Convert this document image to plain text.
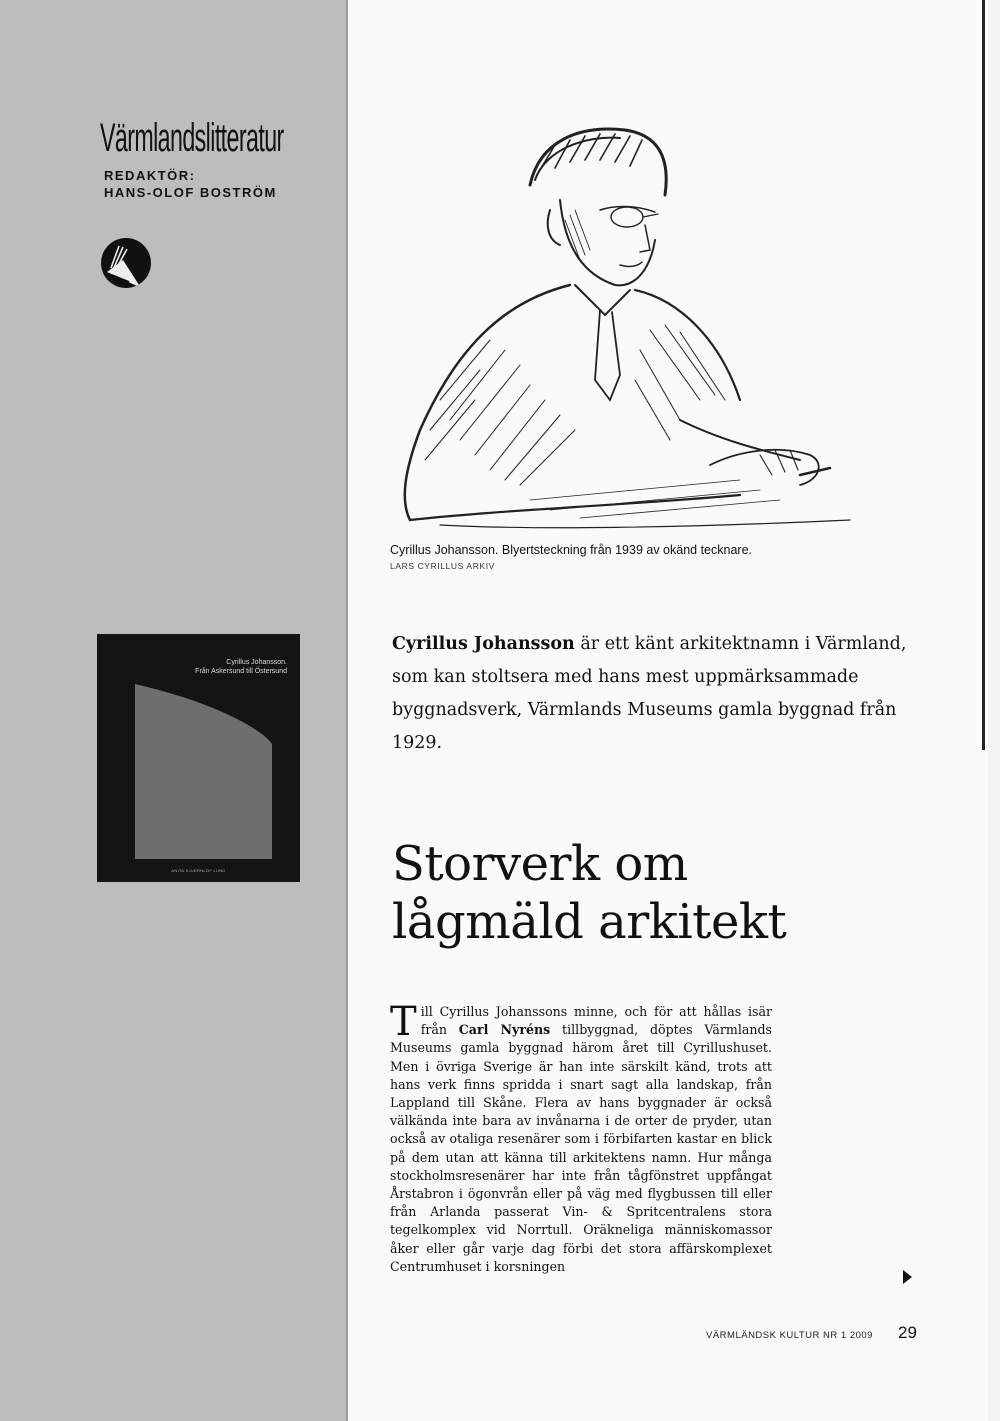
Värmlandslitteratur
REDAKTÖR:
HANS-OLOF BOSTRÖM
Cyrillus Johansson. Blyertsteckning från 1939 av okänd tecknare.
LARS CYRILLUS ARKIV
Cyrillus Johansson.
Från Askersund till Östersund
ANITA SJUERNLÖF LUND
Cyrillus Johansson är ett känt arkitektnamn i Värmland, som kan stoltsera med hans mest uppmärksammade byggnadsverk, Värmlands Museums gamla byggnad från 1929.
Storverk om
lågmäld arkitekt
Till Cyrillus Johanssons minne, och för att hållas isär från Carl Nyréns tillbyggnad, döptes Värmlands Museums gamla byggnad härom året till Cyrillushuset. Men i övriga Sverige är han inte särskilt känd, trots att hans verk finns spridda i snart sagt alla landskap, från Lappland till Skåne. Flera av hans byggnader är också välkända inte bara av invånarna i de orter de pryder, utan också av otaliga resenärer som i förbifarten kastar en blick på dem utan att känna till arkitektens namn. Hur många stockholmsresenärer har inte från tågfönstret uppfångat Årstabron i ögonvrån eller på väg med flygbussen till eller från Arlanda passerat Vin- & Spritcentralens stora tegelkomplex vid Norrtull. Oräkneliga människomassor åker eller går varje dag förbi det stora affärskomplexet Centrumhuset i korsningen
VÄRMLÄNDSK KULTUR NR 1 2009 29
